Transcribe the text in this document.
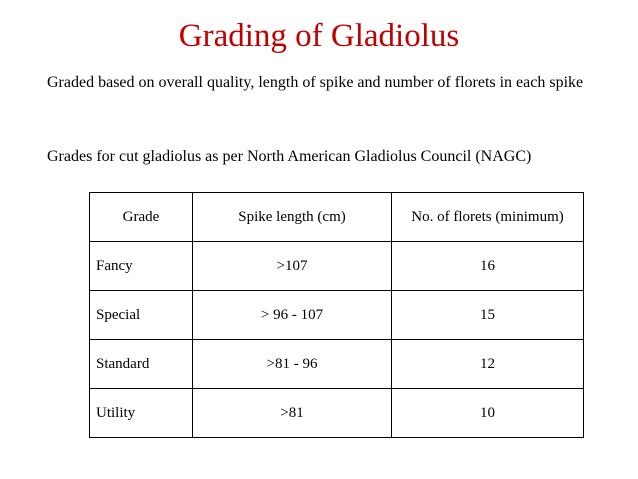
Grading of Gladiolus
Graded based on overall quality, length of spike and number of florets in each spike
Grades for cut gladiolus as per North American Gladiolus Council (NAGC)
Grade	Spike length (cm)	No. of florets (minimum)
Fancy	>107	16
Special	> 96 - 107	15
Standard	>81 - 96	12
Utility	>81	10
